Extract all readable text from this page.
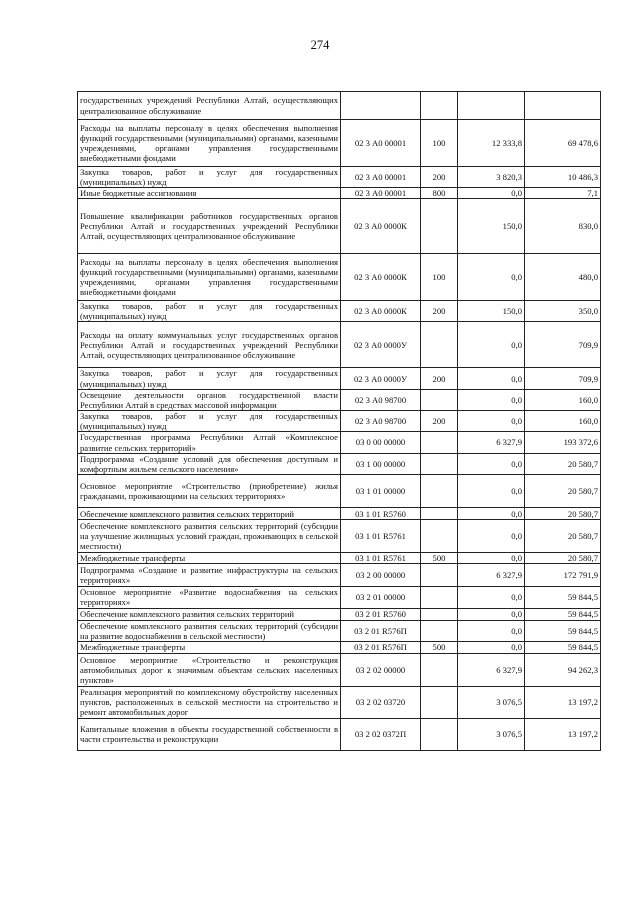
274
государственных учреждений Республики Алтай, осуществляющих централизованное обслуживание				
Расходы на выплаты персоналу в целях обеспечения выполнения функций государственными (муниципальными) органами, казенными учреждениями, органами управления государственными внебюджетными фондами	02 3 А0 00001	100	12 333,8	69 478,6
Закупка товаров, работ и услуг для государственных (муниципальных) нужд	02 3 А0 00001	200	3 820,3	10 486,3
Иные бюджетные ассигнования	02 3 А0 00001	800	0,0	7,1
Повышение квалификации работников государственных органов Республики Алтай и государственных учреждений Республики Алтай, осуществляющих централизованное обслуживание	02 3 А0 0000К		150,0	830,0
Расходы на выплаты персоналу в целях обеспечения выполнения функций государственными (муниципальными) органами, казенными учреждениями, органами управления государственными внебюджетными фондами	02 3 А0 0000К	100	0,0	480,0
Закупка товаров, работ и услуг для государственных (муниципальных) нужд	02 3 А0 0000К	200	150,0	350,0
Расходы на оплату коммунальных услуг государственных органов Республики Алтай и государственных учреждений Республики Алтай, осуществляющих централизованное обслуживание	02 3 А0 0000У		0,0	709,9
Закупка товаров, работ и услуг для государственных (муниципальных) нужд	02 3 А0 0000У	200	0,0	709,9
Освещение деятельности органов государственной власти Республики Алтай в средствах массовой информации	02 3 А0 98700		0,0	160,0
Закупка товаров, работ и услуг для государственных (муниципальных) нужд	02 3 А0 98700	200	0,0	160,0
Государственная программа Республики Алтай «Комплексное развитие сельских территорий»	03 0 00 00000		6 327,9	193 372,6
Подпрограмма «Создание условий для обеспечения доступным и комфортным жильем сельского населения»	03 1 00 00000		0,0	20 580,7
Основное мероприятие «Строительство (приобретение) жилья гражданами, проживающими на сельских территориях»	03 1 01 00000		0,0	20 580,7
Обеспечение комплексного развития сельских территорий	03 1 01 R5760		0,0	20 580,7
Обеспечение комплексного развития сельских территорий (субсидии на улучшение жилищных условий граждан, проживающих в сельской местности)	03 1 01 R5761		0,0	20 580,7
Межбюджетные трансферты	03 1 01 R5761	500	0,0	20 580,7
Подпрограмма «Создание и развитие инфраструктуры на сельских территориях»	03 2 00 00000		6 327,9	172 791,9
Основное мероприятие «Развитие водоснабжения на сельских территориях»	03 2 01 00000		0,0	59 844,5
Обеспечение комплексного развития сельских территорий	03 2 01 R5760		0,0	59 844,5
Обеспечение комплексного развития сельских территорий (субсидии на развитие водоснабжения в сельской местности)	03 2 01 R576П		0,0	59 844,5
Межбюджетные трансферты	03 2 01 R576П	500	0,0	59 844,5
Основное мероприятие «Строительство и реконструкция автомобильных дорог к значимым объектам сельских населенных пунктов»	03 2 02 00000		6 327,9	94 262,3
Реализация мероприятий по комплексному обустройству населенных пунктов, расположенных в сельской местности на строительство и ремонт автомобильных дорог	03 2 02 03720		3 076,5	13 197,2
Капитальные вложения в объекты государственной собственности в части строительства и реконструкции	03 2 02 0372П		3 076,5	13 197,2
